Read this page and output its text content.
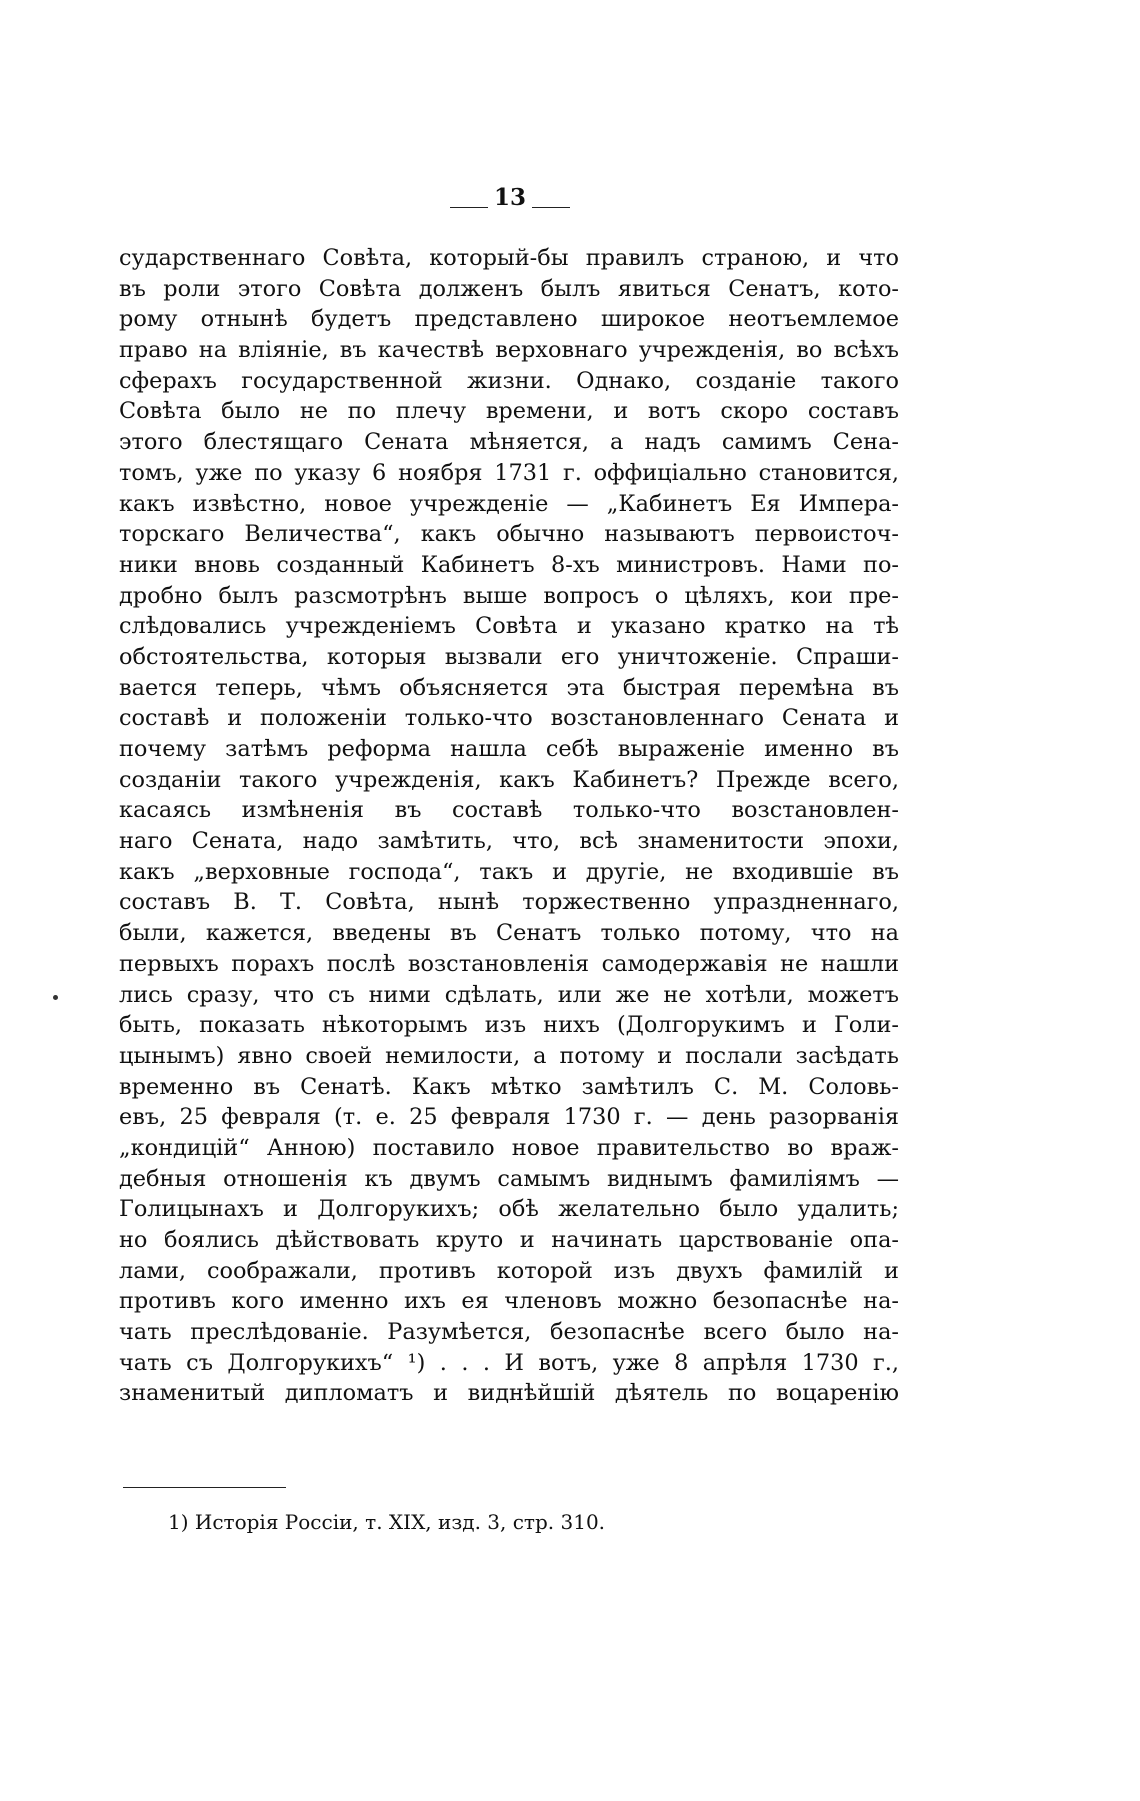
13
сударственнаго Совѣта, который-бы правилъ страною, и что
въ роли этого Совѣта долженъ былъ явиться Сенатъ, кото-
рому отнынѣ будетъ представлено широкое неотъемлемое
право на вліяніе, въ качествѣ верховнаго учрежденія, во всѣхъ
сферахъ государственной жизни. Однако, созданіе такого
Совѣта было не по плечу времени, и вотъ скоро составъ
этого блестящаго Сената мѣняется, а надъ самимъ Сена-
томъ, уже по указу 6 ноября 1731 г. оффиціально становится,
какъ извѣстно, новое учрежденіе — „Кабинетъ Ея Импера-
торскаго Величества“, какъ обычно называютъ первоисточ-
ники вновь созданный Кабинетъ 8-хъ министровъ. Нами по-
дробно былъ разсмотрѣнъ выше вопросъ о цѣляхъ, кои пре-
слѣдовались учрежденіемъ Совѣта и указано кратко на тѣ
обстоятельства, которыя вызвали его уничтоженіе. Спраши-
вается теперь, чѣмъ объясняется эта быстрая перемѣна въ
составѣ и положеніи только-что возстановленнаго Сената и
почему затѣмъ реформа нашла себѣ выраженіе именно въ
созданіи такого учрежденія, какъ Кабинетъ? Прежде всего,
касаясь измѣненія въ составѣ только-что возстановлен-
наго Сената, надо замѣтить, что, всѣ знаменитости эпохи,
какъ „верховные господа“, такъ и другіе, не входившіе въ
составъ В. Т. Совѣта, нынѣ торжественно упраздненнаго,
были, кажется, введены въ Сенатъ только потому, что на
первыхъ порахъ послѣ возстановленія самодержавія не нашли
лись сразу, что съ ними сдѣлать, или же не хотѣли, можетъ
быть, показать нѣкоторымъ изъ нихъ (Долгорукимъ и Голи-
цынымъ) явно своей немилости, а потому и послали засѣдать
временно въ Сенатѣ. Какъ мѣтко замѣтилъ С. М. Соловь-
евъ, 25 февраля (т. е. 25 февраля 1730 г. — день разорванія
„кондицій“ Анною) поставило новое правительство во враж-
дебныя отношенія къ двумъ самымъ виднымъ фамиліямъ —
Голицынахъ и Долгорукихъ; обѣ желательно было удалить;
но боялись дѣйствовать круто и начинать царствованіе опа-
лами, соображали, противъ которой изъ двухъ фамилій и
противъ кого именно ихъ ея членовъ можно безопаснѣе на-
чать преслѣдованіе. Разумѣется, безопаснѣе всего было на-
чать съ Долгорукихъ“ ¹) . . . И вотъ, уже 8 апрѣля 1730 г.,
знаменитый дипломатъ и виднѣйшій дѣятель по воцаренію
1) Исторія Россіи, т. XIX, изд. 3, стр. 310.
